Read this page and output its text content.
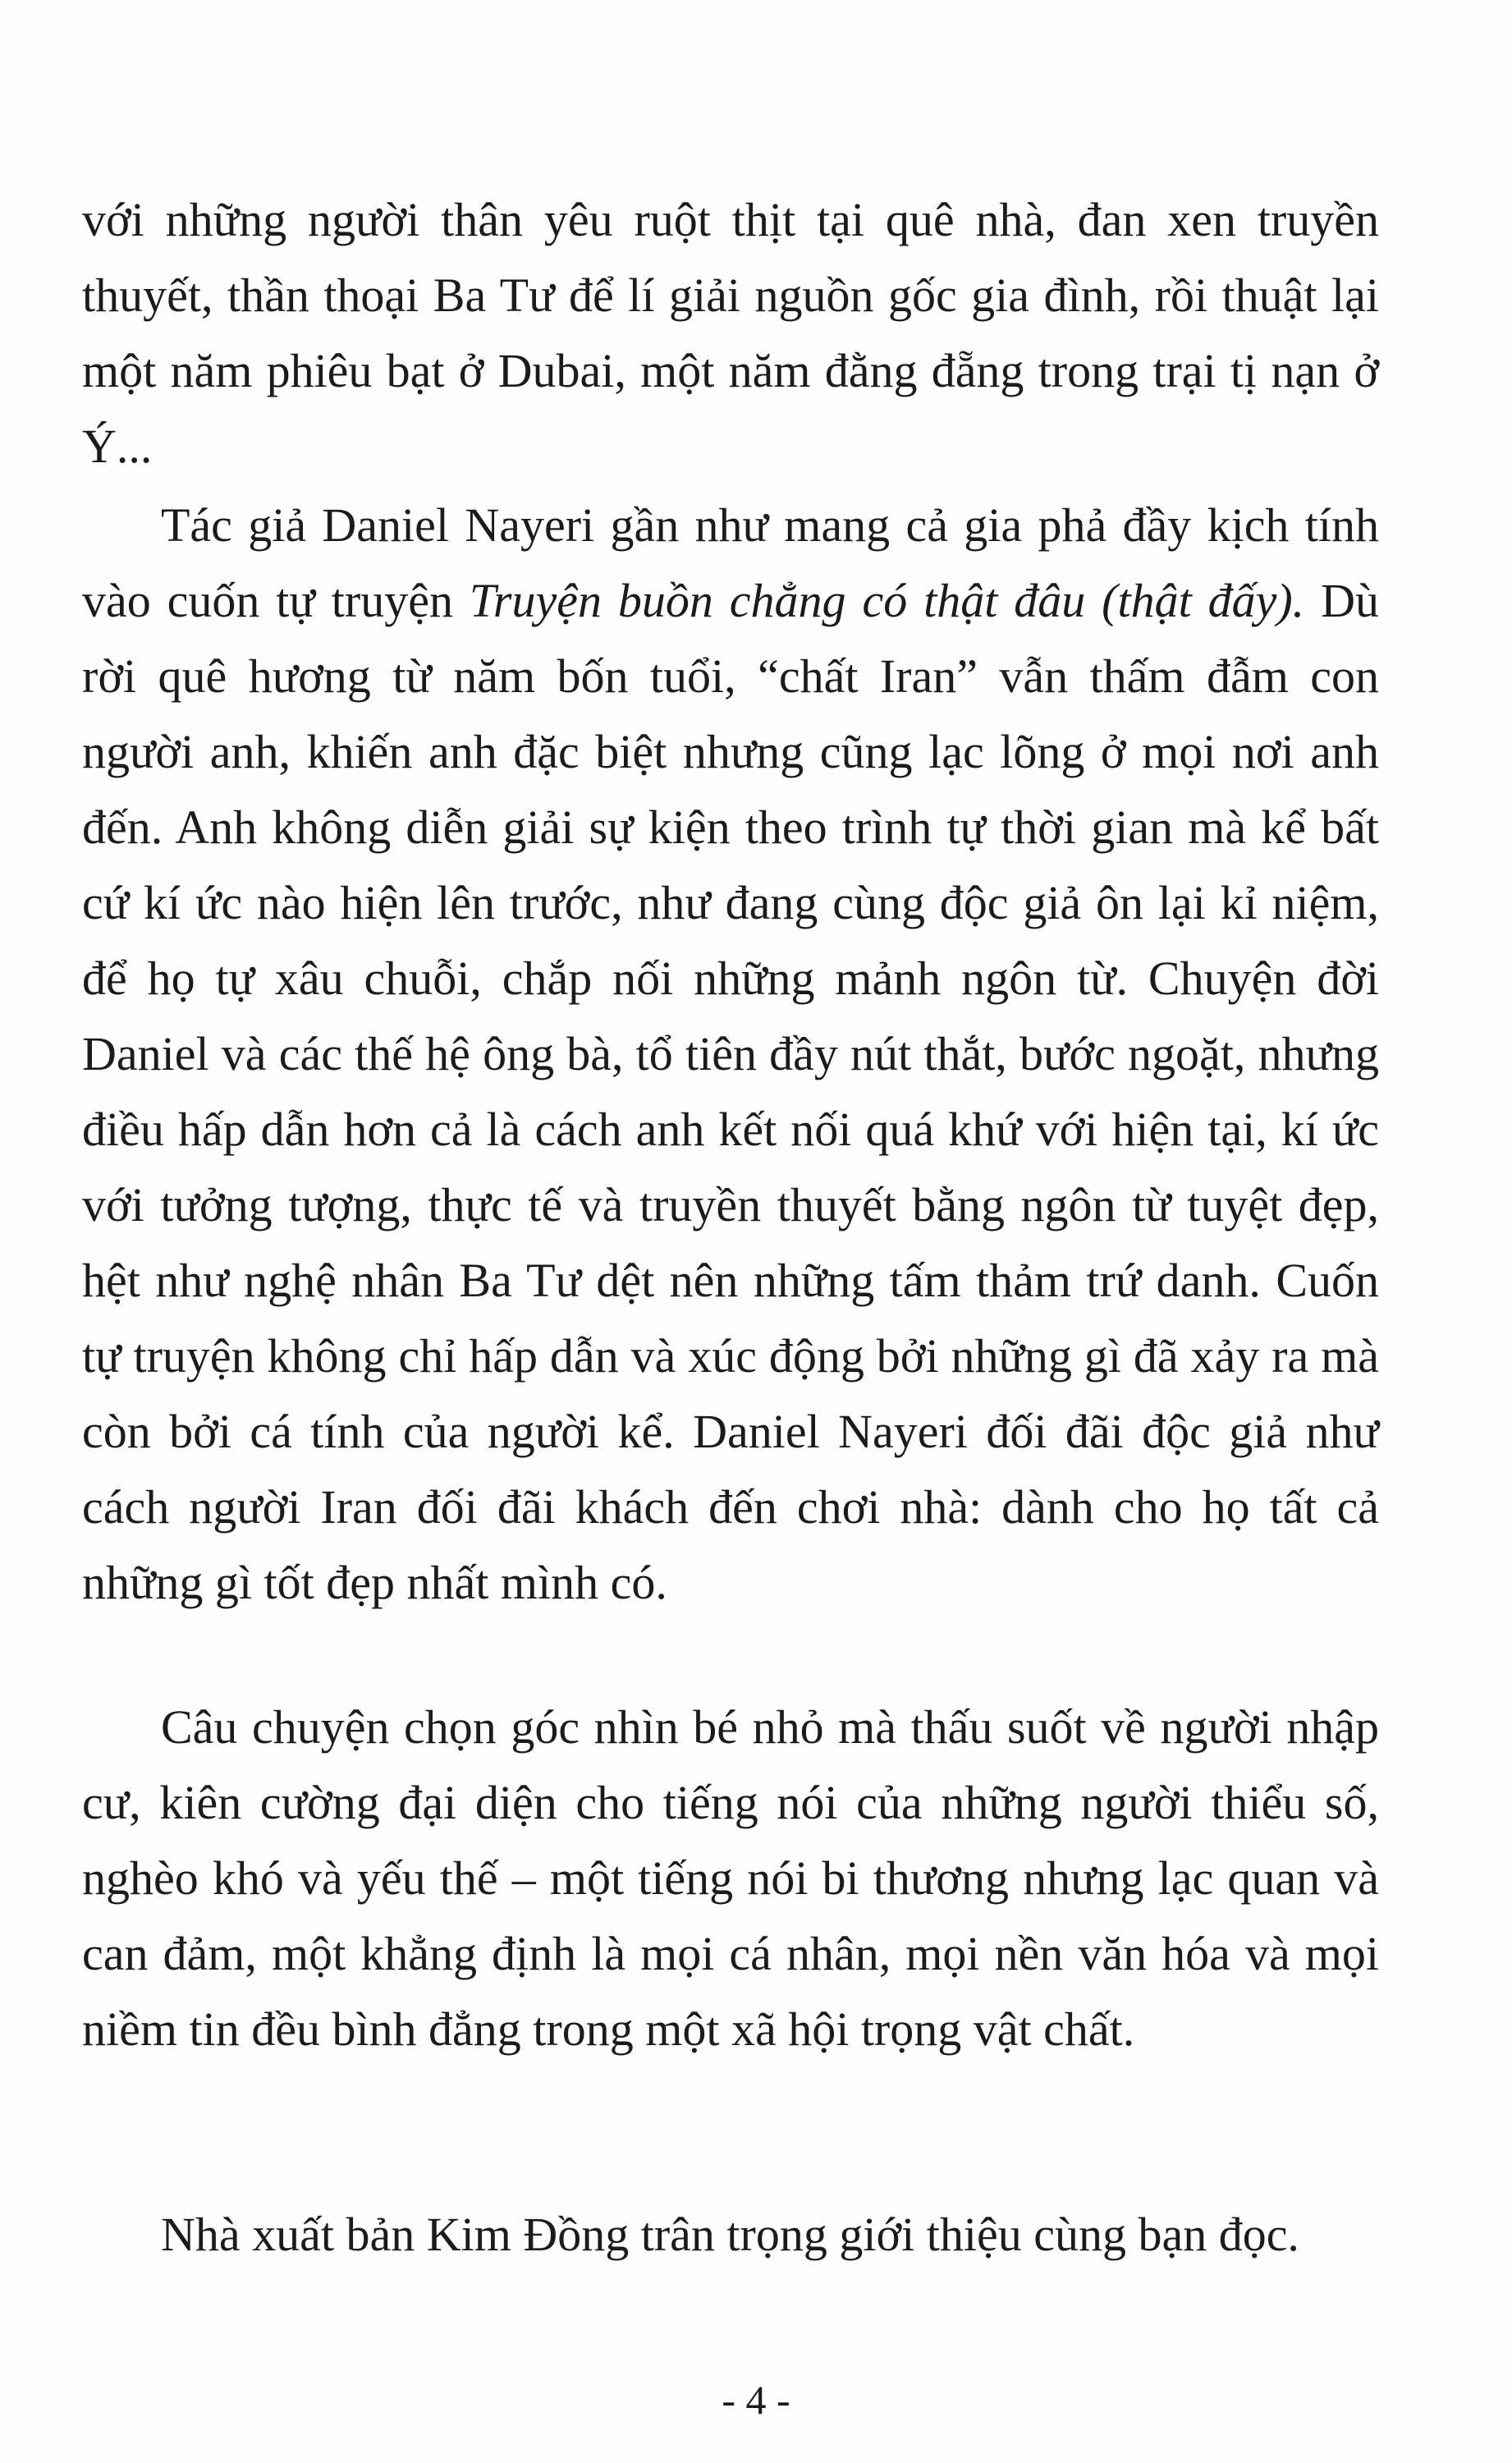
với những người thân yêu ruột thịt tại quê nhà, đan xen truyền thuyết, thần thoại Ba Tư để lí giải nguồn gốc gia đình, rồi thuật lại một năm phiêu bạt ở Dubai, một năm đằng đẵng trong trại tị nạn ở Ý...

Tác giả Daniel Nayeri gần như mang cả gia phả đầy kịch tính vào cuốn tự truyện Truyện buồn chẳng có thật đâu (thật đấy). Dù rời quê hương từ năm bốn tuổi, “chất Iran” vẫn thấm đẫm con người anh, khiến anh đặc biệt nhưng cũng lạc lõng ở mọi nơi anh đến. Anh không diễn giải sự kiện theo trình tự thời gian mà kể bất cứ kí ức nào hiện lên trước, như đang cùng độc giả ôn lại kỉ niệm, để họ tự xâu chuỗi, chắp nối những mảnh ngôn từ. Chuyện đời Daniel và các thế hệ ông bà, tổ tiên đầy nút thắt, bước ngoặt, nhưng điều hấp dẫn hơn cả là cách anh kết nối quá khứ với hiện tại, kí ức với tưởng tượng, thực tế và truyền thuyết bằng ngôn từ tuyệt đẹp, hệt như nghệ nhân Ba Tư dệt nên những tấm thảm trứ danh. Cuốn tự truyện không chỉ hấp dẫn và xúc động bởi những gì đã xảy ra mà còn bởi cá tính của người kể. Daniel Nayeri đối đãi độc giả như cách người Iran đối đãi khách đến chơi nhà: dành cho họ tất cả những gì tốt đẹp nhất mình có.

Câu chuyện chọn góc nhìn bé nhỏ mà thấu suốt về người nhập cư, kiên cường đại diện cho tiếng nói của những người thiểu số, nghèo khó và yếu thế – một tiếng nói bi thương nhưng lạc quan và can đảm, một khẳng định là mọi cá nhân, mọi nền văn hóa và mọi niềm tin đều bình đẳng trong một xã hội trọng vật chất.

Nhà xuất bản Kim Đồng trân trọng giới thiệu cùng bạn đọc.

- 4 -
